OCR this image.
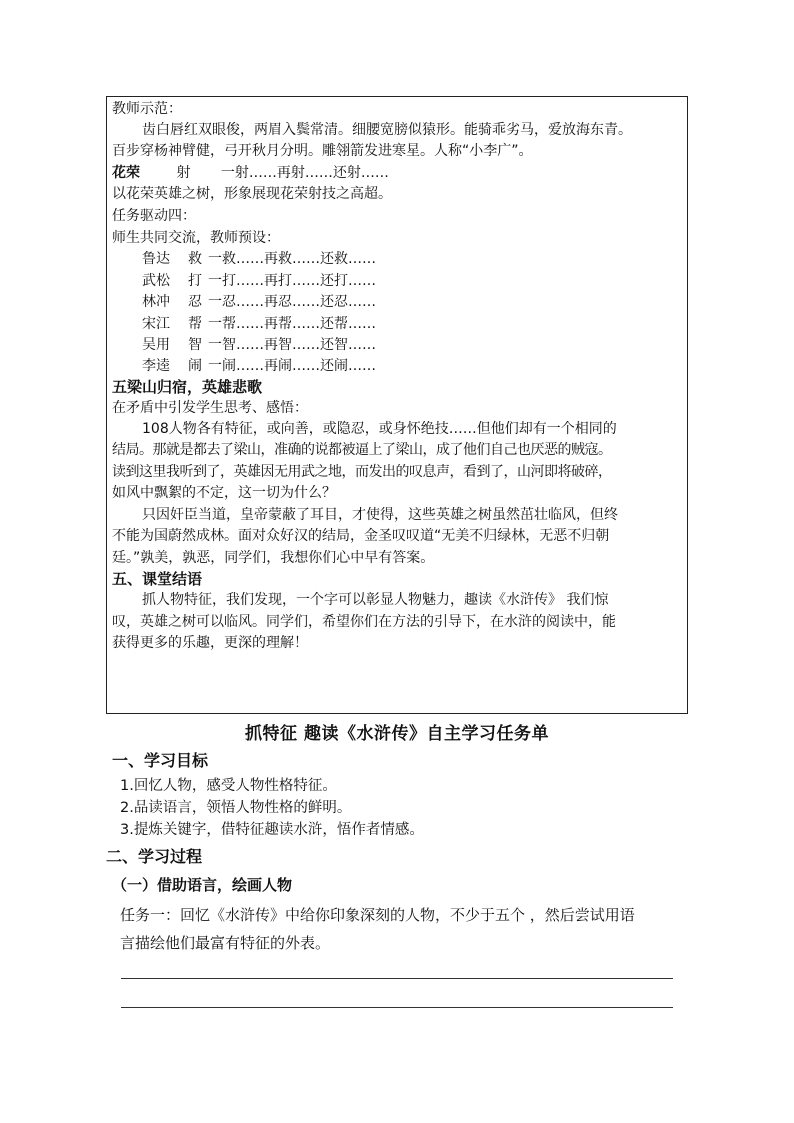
教师示范：
齿白唇红双眼俊，两眉入鬓常清。细腰宽膀似猿形。能骑乖劣马，爱放海东青。
百步穿杨神臂健，弓开秋月分明。雕翎箭发进寒星。人称“小李广”。
花荣	射 一射……再射……还射……
以花荣英雄之树，形象展现花荣射技之高超。
任务驱动四：
师生共同交流，教师预设：
鲁达 救 一救……再救……还救……
武松 打 一打……再打……还打……
林冲 忍 一忍……再忍……还忍……
宋江 帮 一帮……再帮……还帮……
吴用 智 一智……再智……还智……
李逵 闹 一闹……再闹……还闹……
五梁山归宿，英雄悲歌
在矛盾中引发学生思考、感悟：
108人物各有特征，或向善，或隐忍，或身怀绝技……但他们却有一个相同的
结局。那就是都去了梁山，准确的说都被逼上了梁山，成了他们自己也厌恶的贼寇。
读到这里我听到了，英雄因无用武之地，而发出的叹息声，看到了，山河即将破碎，
如风中飘絮的不定，这一切为什么？
只因奸臣当道，皇帝蒙蔽了耳目，才使得，这些英雄之树虽然茁壮临风，但终
不能为国蔚然成林。面对众好汉的结局，金圣叹叹道“无美不归绿林，无恶不归朝
廷。”孰美，孰恶，同学们，我想你们心中早有答案。
五、课堂结语
抓人物特征，我们发现，一个字可以彰显人物魅力，趣读《水浒传》 我们惊
叹，英雄之树可以临风。同学们，希望你们在方法的引导下，在水浒的阅读中，能
获得更多的乐趣，更深的理解！
抓特征 趣读《水浒传》自主学习任务单
一、学习目标
1.回忆人物，感受人物性格特征。
2.品读语言，领悟人物性格的鲜明。
3.提炼关键字，借特征趣读水浒，悟作者情感。
二、学习过程
（一）借助语言，绘画人物
任务一：回忆《水浒传》中给你印象深刻的人物，不少于五个 ，然后尝试用语
言描绘他们最富有特征的外表。
